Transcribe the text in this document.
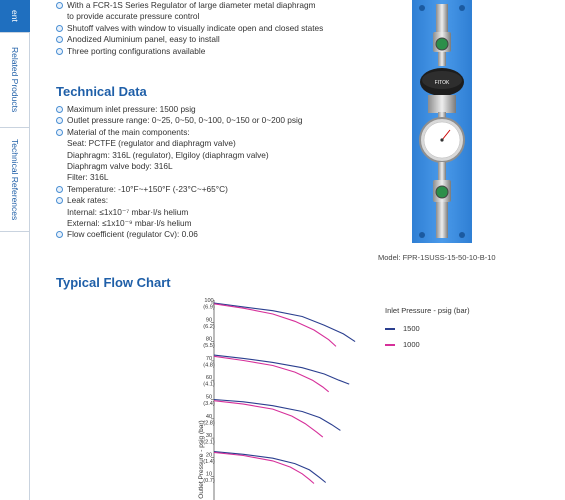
ent
Related Products
Technical References
With a FCR-1S Series Regulator of large diameter metal diaphragm
to provide accurate pressure control
Shutoff valves with window to visually indicate open and closed states
Anodized Aluminium panel, easy to install
Three porting configurations available
Technical Data
Maximum inlet pressure: 1500 psig
Outlet pressure range: 0~25, 0~50, 0~100, 0~150 or 0~200 psig
Material of the main components:
Seat: PCTFE (regulator and diaphragm valve)
Diaphragm: 316L (regulator), Elgiloy (diaphragm valve)
Diaphragm valve body: 316L
Filter: 316L
Temperature: -10°F~+150°F (-23°C~+65°C)
Leak rates:
Internal: ≤1x10⁻⁷ mbar·l/s helium
External: ≤1x10⁻⁹ mbar·l/s helium
Flow coefficient (regulator Cv): 0.06
FITOK
Model: FPR-1SUSS-15-50-10-B-10
Typical Flow Chart
100
(6.9)
90
(6.2)
80
(5.5)
70
(4.8)
60
(4.1)
50
(3.4)
40
(2.8)
30
(2.1)
20
(1.4)
10
(0.7)
Outlet Pressure - psig (bar)
Inlet Pressure - psig (bar)
1500
1000
